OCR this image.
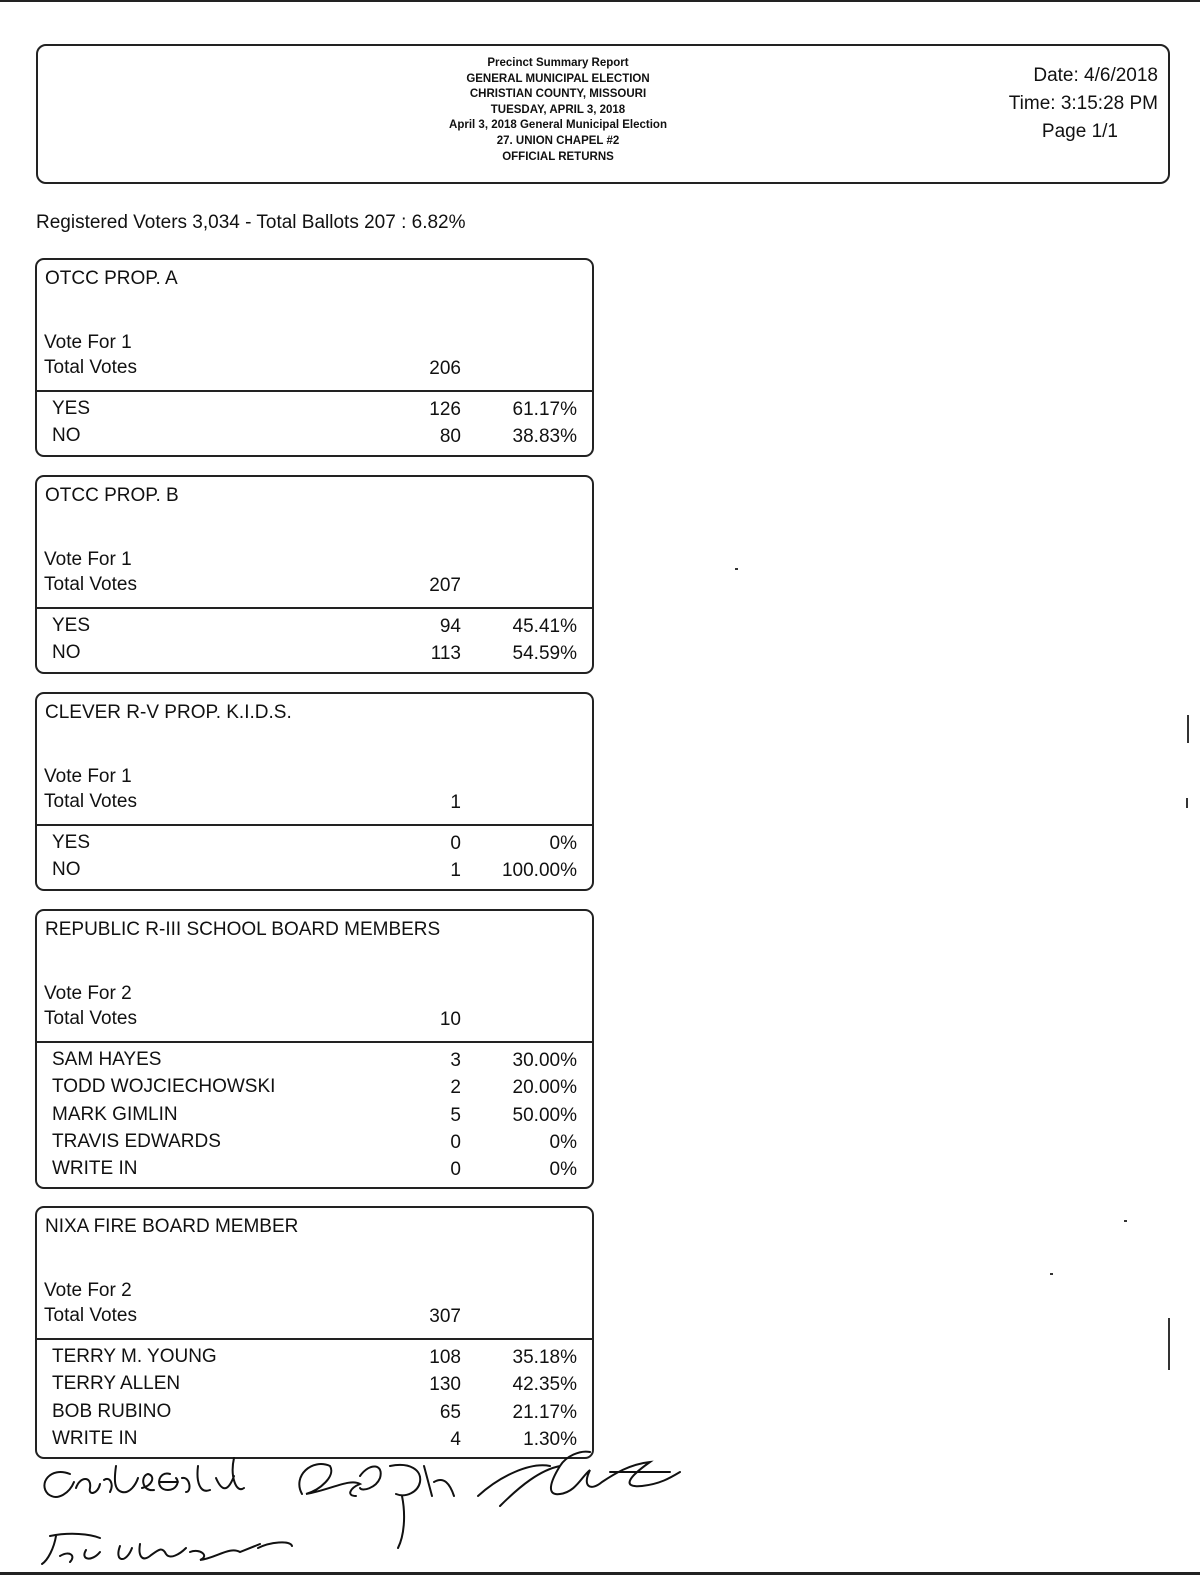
Precinct Summary Report
GENERAL MUNICIPAL ELECTION
CHRISTIAN COUNTY, MISSOURI
TUESDAY, APRIL 3, 2018
April 3, 2018 General Municipal Election
27. UNION CHAPEL #2
OFFICIAL RETURNS
Date: 4/6/2018
Time: 3:15:28 PM
Page 1/1
Registered Voters 3,034 - Total Ballots 207 : 6.82%
OTCC PROP. A
Vote For 1
Total Votes	206
YES	126	61.17%
NO	80	38.83%
OTCC PROP. B
Vote For 1
Total Votes	207
YES	94	45.41%
NO	113	54.59%
CLEVER R-V PROP. K.I.D.S.
Vote For 1
Total Votes	1
YES	0	0%
NO	1 100.00%
REPUBLIC R-III SCHOOL BOARD MEMBERS
Vote For 2
Total Votes	10
SAM HAYES	3	30.00%
TODD WOJCIECHOWSKI	2	20.00%
MARK GIMLIN	5	50.00%
TRAVIS EDWARDS	0	0%
WRITE IN	0	0%
NIXA FIRE BOARD MEMBER
Vote For 2
Total Votes	307
TERRY M. YOUNG	108	35.18%
TERRY ALLEN	130	42.35%
BOB RUBINO	65	21.17%
WRITE IN	4	1.30%
